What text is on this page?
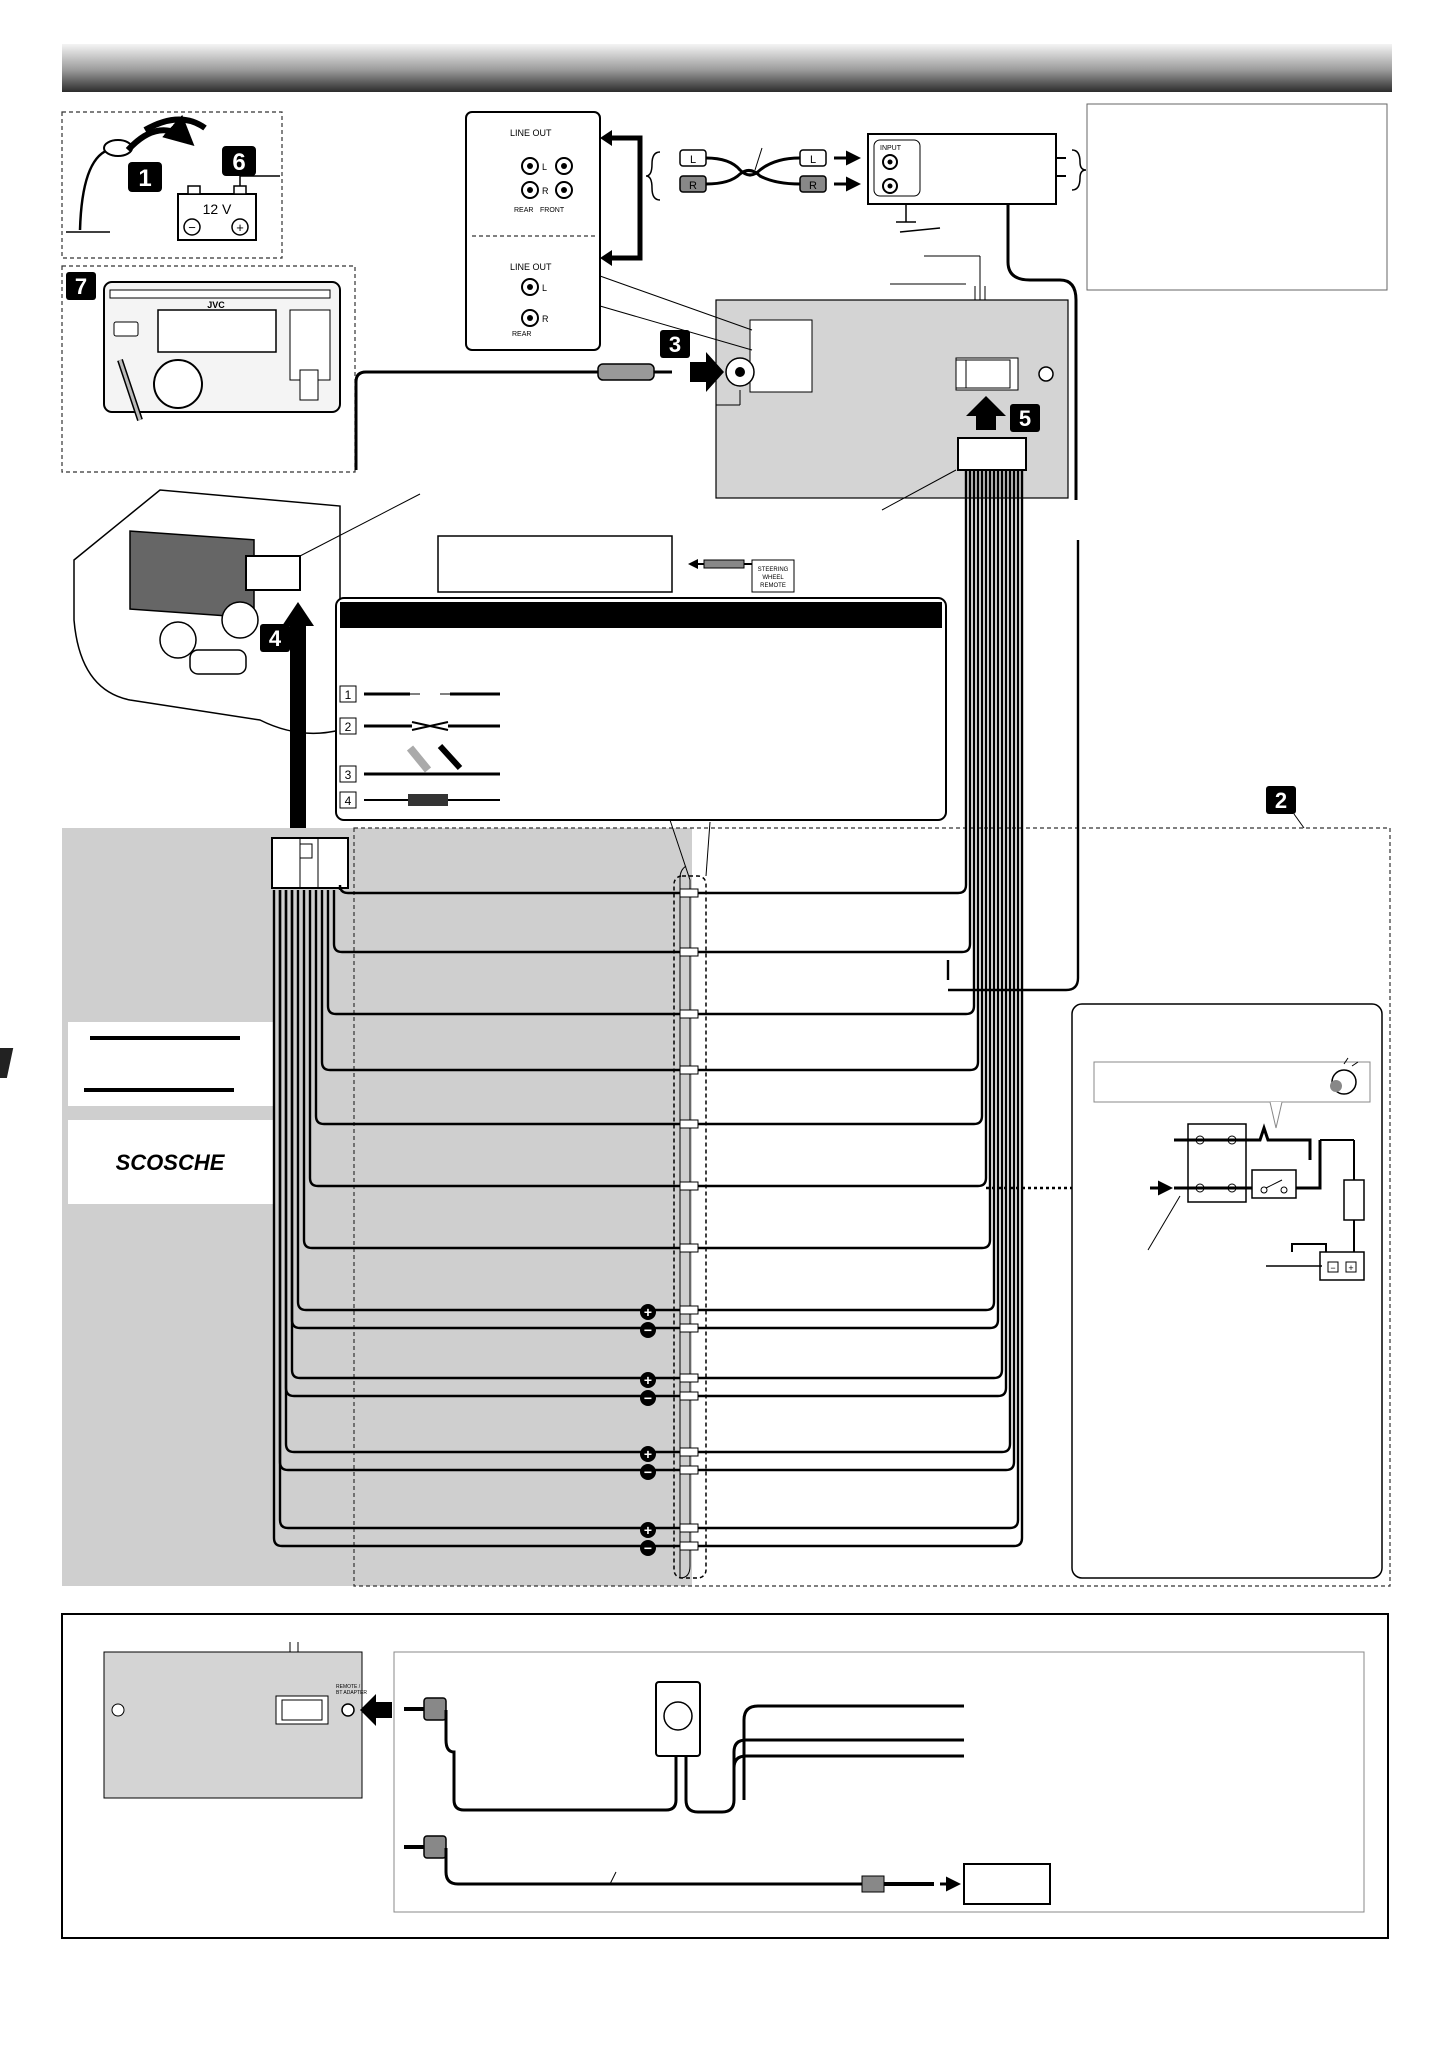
1
6
12 V
−	+
7
JVC
LINE OUT
L
R
REAR FRONT
LINE OUT
L
R
REAR
L
R
L
R
INPUT
3
5
STEERING
WHEEL
REMOTE
4
1
2
3
4	2
Metra
SCOSCHE
+
−
+
−
+
−
+
−
− +
REMOTE /
BT ADAPTER
